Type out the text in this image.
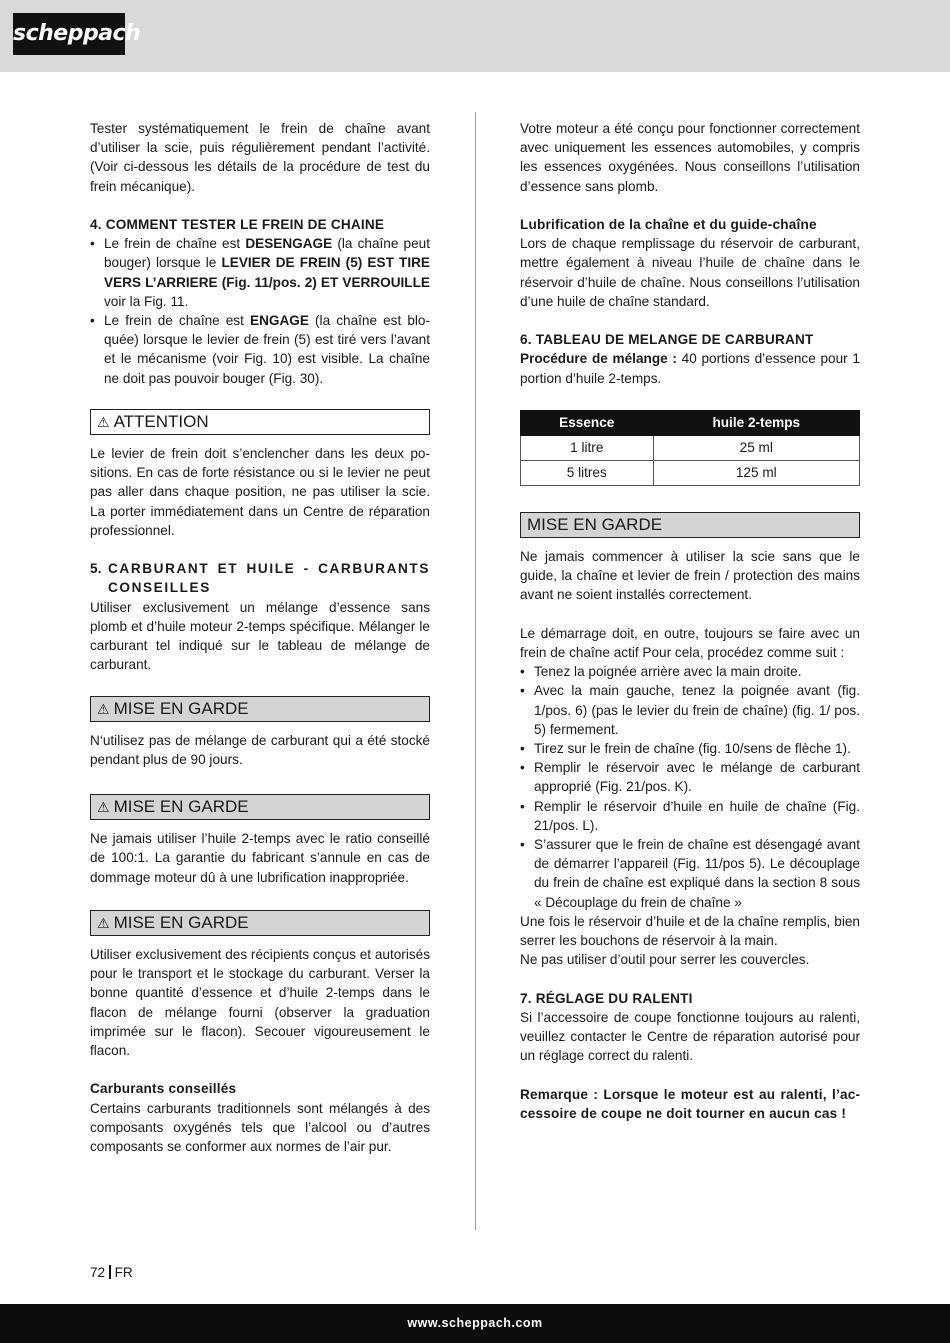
scheppach

Tester systématiquement le frein de chaîne avant d’utiliser la scie, puis régulièrement pendant l’activité. (Voir ci-dessous les détails de la procédure de test du frein mécanique).

4. COMMENT TESTER LE FREIN DE CHAINE
• Le frein de chaîne est DESENGAGE (la chaîne peut bouger) lorsque le LEVIER DE FREIN (5) EST TIRE VERS L’ARRIERE (Fig. 11/pos. 2) ET VERROUILLE voir la Fig. 11.
• Le frein de chaîne est ENGAGE (la chaîne est bloquée) lorsque le levier de frein (5) est tiré vers l’avant et le mécanisme (voir Fig. 10) est visible. La chaîne ne doit pas pouvoir bouger (Fig. 30).
⚠ ATTENTION

Le levier de frein doit s’enclencher dans les deux positions. En cas de forte résistance ou si le levier ne peut pas aller dans chaque position, ne pas utiliser la scie. La porter immédiatement dans un Centre de réparation professionnel.

5. CARBURANT ET HUILE - CARBURANTS CONSEILLES

Utiliser exclusivement un mélange d’essence sans plomb et d’huile moteur 2-temps spécifique. Mélanger le carburant tel indiqué sur le tableau de mélange de carburant.

⚠ MISE EN GARDE

N‘utilisez pas de mélange de carburant qui a été stocké pendant plus de 90 jours.

⚠ MISE EN GARDE

Ne jamais utiliser l’huile 2-temps avec le ratio conseillé de 100:1. La garantie du fabricant s’annule en cas de dommage moteur dû à une lubrification inappropriée.

⚠ MISE EN GARDE

Utiliser exclusivement des récipients conçus et autorisés pour le transport et le stockage du carburant. Verser la bonne quantité d’essence et d’huile 2-temps dans le flacon de mélange fourni (observer la graduation imprimée sur le flacon). Secouer vigoureusement le flacon.

Carburants conseillés

Certains carburants traditionnels sont mélangés à des composants oxygénés tels que l’alcool ou d’autres composants se conformer aux normes de l’air pur.

Votre moteur a été conçu pour fonctionner correctement avec uniquement les essences automobiles, y compris les essences oxygénées. Nous conseillons l’utilisation d’essence sans plomb.

Lubrification de la chaîne et du guide-chaîne

Lors de chaque remplissage du réservoir de carburant, mettre également à niveau l’huile de chaîne dans le réservoir d’huile de chaîne. Nous conseillons l’utilisation d’une huile de chaîne standard.

6. TABLEAU DE MELANGE DE CARBURANT

Procédure de mélange : 40 portions d’essence pour 1 portion d’huile 2-temps.

Essence	huile 2-temps
1 litre	25 ml
5 litres	125 ml
MISE EN GARDE

Ne jamais commencer à utiliser la scie sans que le guide, la chaîne et levier de frein / protection des mains avant ne soient installés correctement.

Le démarrage doit, en outre, toujours se faire avec un frein de chaîne actif Pour cela, procédez comme suit :

• Tenez la poignée arrière avec la main droite.
• Avec la main gauche, tenez la poignée avant (fig. 1/pos. 6) (pas le levier du frein de chaîne) (fig. 1/ pos. 5) fermement.
• Tirez sur le frein de chaîne (fig. 10/sens de flèche 1).
• Remplir le réservoir avec le mélange de carburant approprié (Fig. 21/pos. K).
• Remplir le réservoir d’huile en huile de chaîne (Fig. 21/pos. L).
• S’assurer que le frein de chaîne est désengagé avant de démarrer l’appareil (Fig. 11/pos 5). Le découplage du frein de chaîne est expliqué dans la section 8 sous « Découplage du frein de chaîne »

Une fois le réservoir d’huile et de la chaîne remplis, bien serrer les bouchons de réservoir à la main.

Ne pas utiliser d’outil pour serrer les couvercles.

7. RÉGLAGE DU RALENTI

Si l’accessoire de coupe fonctionne toujours au ralenti, veuillez contacter le Centre de réparation autorisé pour un réglage correct du ralenti.

Remarque : Lorsque le moteur est au ralenti, l’accessoire de coupe ne doit tourner en aucun cas !

72 FR
www.scheppach.com
